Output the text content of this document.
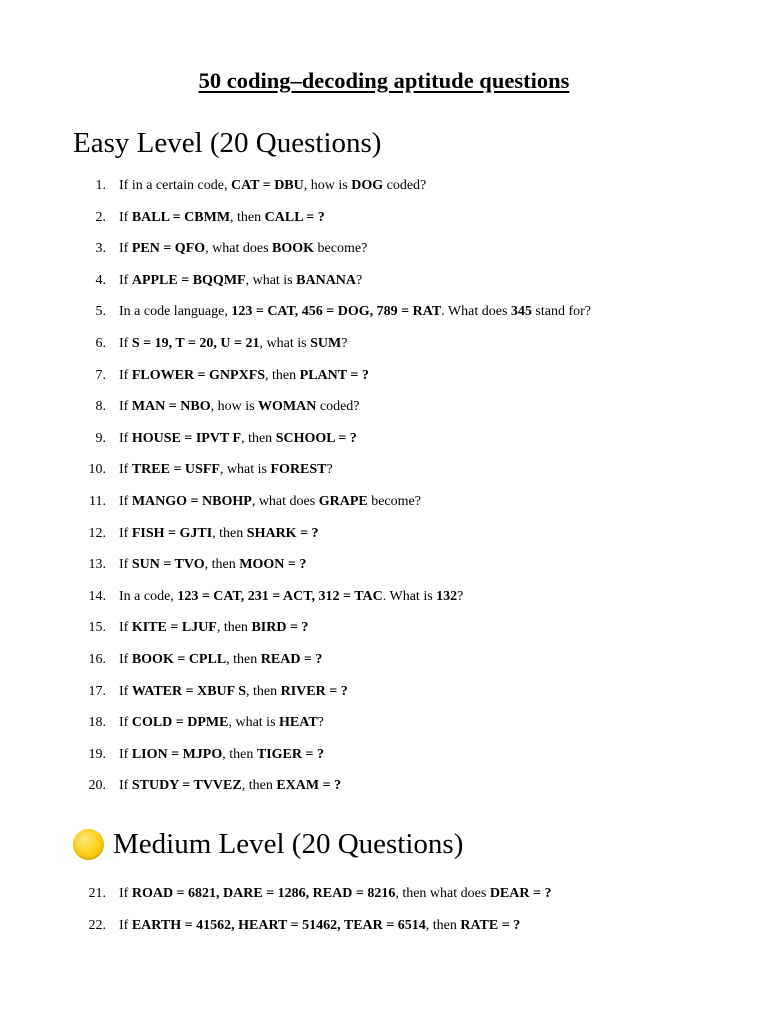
50 coding–decoding aptitude questions
Easy Level (20 Questions)
1. If in a certain code, CAT = DBU, how is DOG coded?
2. If BALL = CBMM, then CALL = ?
3. If PEN = QFO, what does BOOK become?
4. If APPLE = BQQMF, what is BANANA?
5. In a code language, 123 = CAT, 456 = DOG, 789 = RAT. What does 345 stand for?
6. If S = 19, T = 20, U = 21, what is SUM?
7. If FLOWER = GNPXFS, then PLANT = ?
8. If MAN = NBO, how is WOMAN coded?
9. If HOUSE = IPVT F, then SCHOOL = ?
10. If TREE = USFF, what is FOREST?
11. If MANGO = NBOHP, what does GRAPE become?
12. If FISH = GJTI, then SHARK = ?
13. If SUN = TVO, then MOON = ?
14. In a code, 123 = CAT, 231 = ACT, 312 = TAC. What is 132?
15. If KITE = LJUF, then BIRD = ?
16. If BOOK = CPLL, then READ = ?
17. If WATER = XBUF S, then RIVER = ?
18. If COLD = DPME, what is HEAT?
19. If LION = MJPO, then TIGER = ?
20. If STUDY = TVVEZ, then EXAM = ?
Medium Level (20 Questions)
21. If ROAD = 6821, DARE = 1286, READ = 8216, then what does DEAR = ?
22. If EARTH = 41562, HEART = 51462, TEAR = 6514, then RATE = ?
